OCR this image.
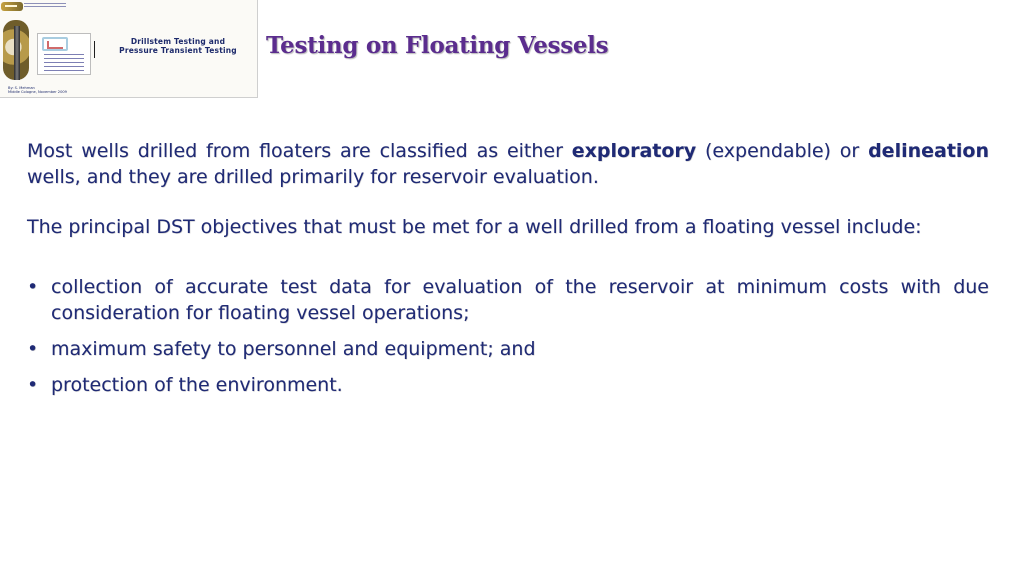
Drillstem Testing and
Pressure Transient Testing
By: S. Mehman
Middle Cologne, November 2009
Testing on Floating Vessels

Most wells drilled from floaters are classified as either exploratory (expendable) or delineation wells, and they are drilled primarily for reservoir evaluation.

The principal DST objectives that must be met for a well drilled from a floating vessel include:

• collection of accurate test data for evaluation of the reservoir at minimum costs with due consideration for floating vessel operations;
• maximum safety to personnel and equipment; and
• protection of the environment.
